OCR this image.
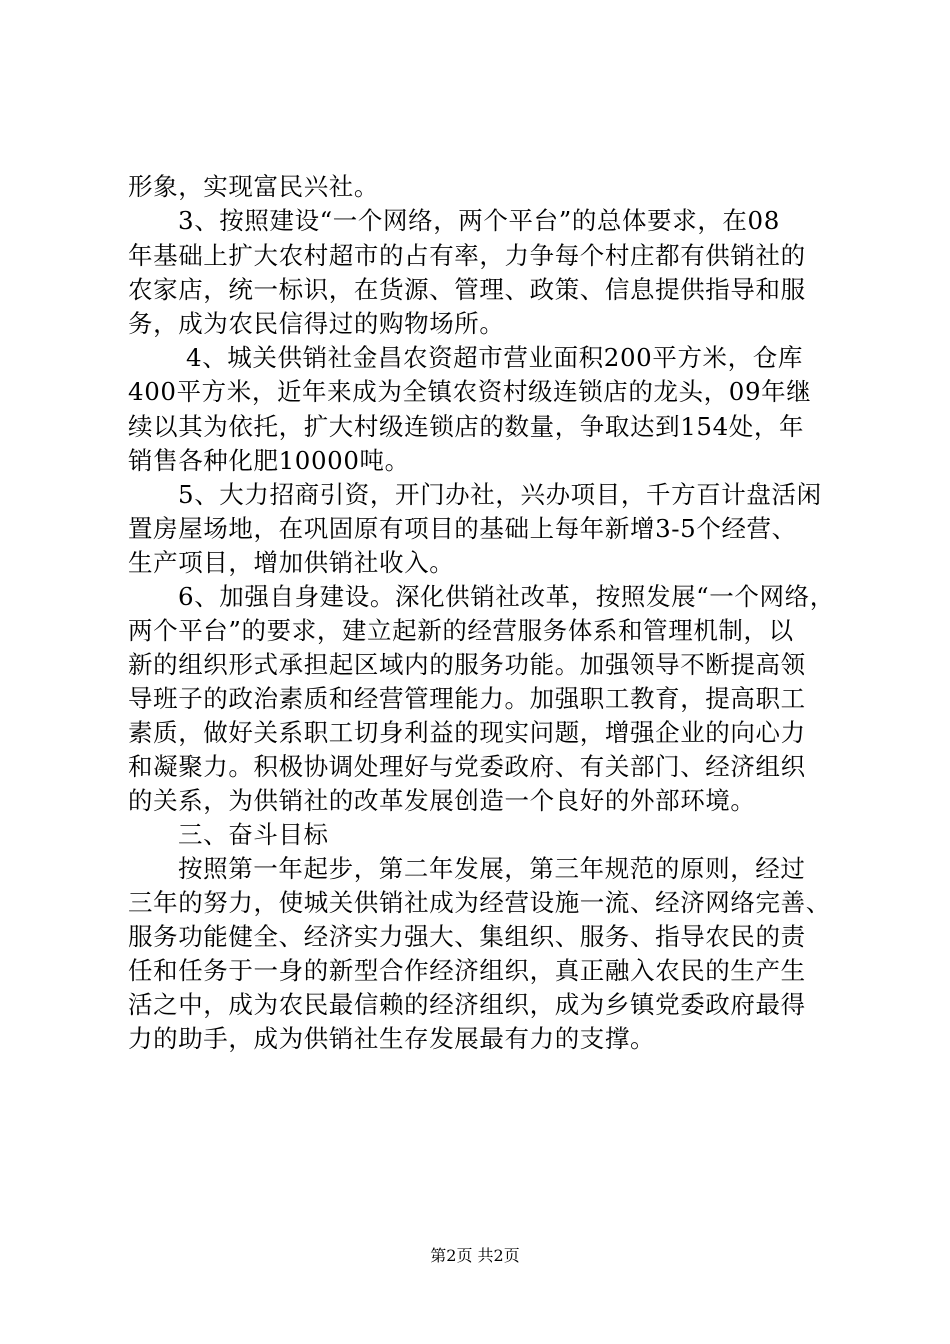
形象，实现富民兴社。
3、按照建设“一个网络，两个平台”的总体要求，在08
年基础上扩大农村超市的占有率，力争每个村庄都有供销社的
农家店，统一标识，在货源、管理、政策、信息提供指导和服
务，成为农民信得过的购物场所。
4、城关供销社金昌农资超市营业面积200平方米，仓库
400平方米，近年来成为全镇农资村级连锁店的龙头，09年继
续以其为依托，扩大村级连锁店的数量，争取达到154处，年
销售各种化肥10000吨。
5、大力招商引资，开门办社，兴办项目，千方百计盘活闲
置房屋场地，在巩固原有项目的基础上每年新增3-5个经营、
生产项目，增加供销社收入。
6、加强自身建设。深化供销社改革，按照发展“一个网络，
两个平台”的要求，建立起新的经营服务体系和管理机制，以
新的组织形式承担起区域内的服务功能。加强领导不断提高领
导班子的政治素质和经营管理能力。加强职工教育，提高职工
素质，做好关系职工切身利益的现实问题，增强企业的向心力
和凝聚力。积极协调处理好与党委政府、有关部门、经济组织
的关系，为供销社的改革发展创造一个良好的外部环境。
三、奋斗目标
按照第一年起步，第二年发展，第三年规范的原则，经过
三年的努力，使城关供销社成为经营设施一流、经济网络完善、
服务功能健全、经济实力强大、集组织、服务、指导农民的责
任和任务于一身的新型合作经济组织，真正融入农民的生产生
活之中，成为农民最信赖的经济组织，成为乡镇党委政府最得
力的助手，成为供销社生存发展最有力的支撑。
第2页 共2页
